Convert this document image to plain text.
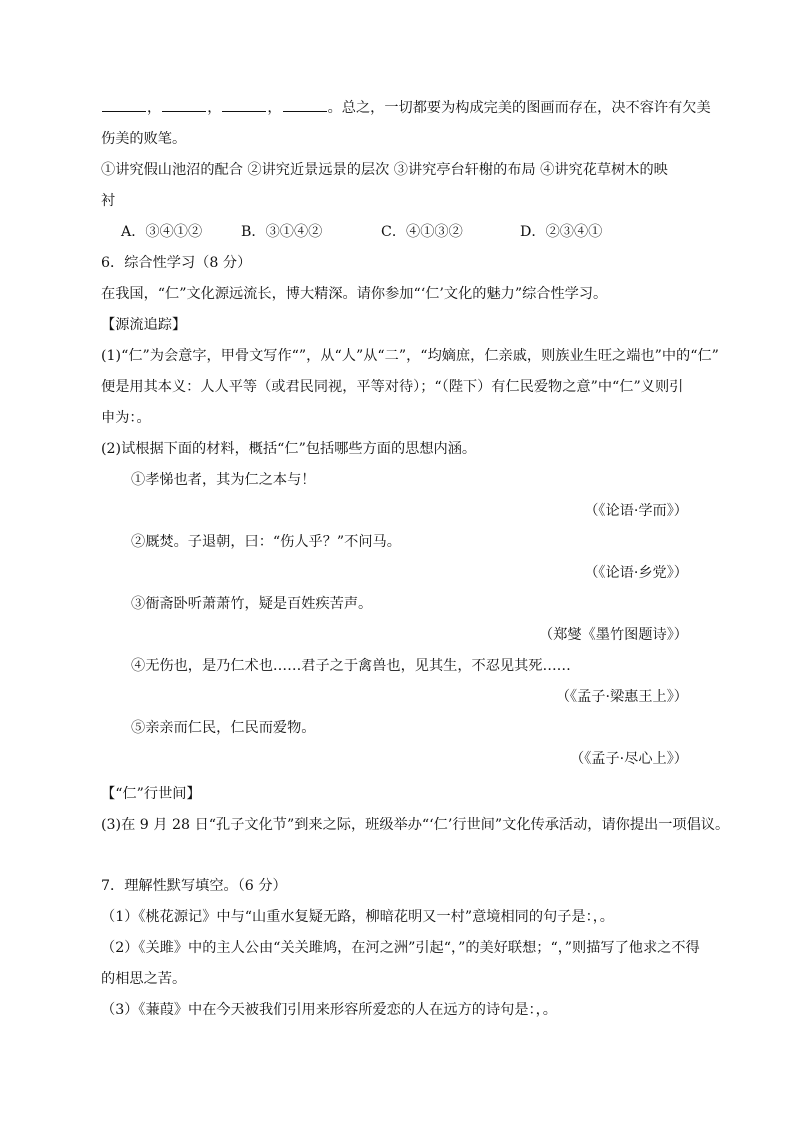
，	，	，	。总之，一切都要为构成完美的图画而存在，决不容许有欠美
伤美的败笔。
①讲究假山池沼的配合 ②讲究近景远景的层次 ③讲究亭台轩榭的布局 ④讲究花草树木的映
衬
A．③④①②	B．③①④②	C．④①③②	D．②③④①
6．综合性学习（8 分）
在我国，“仁”文化源远流长，博大精深。请你参加“‘仁’文化的魅力”综合性学习。
【源流追踪】
(1)“仁”为会意字，甲骨文写作“”，从“人”从“二”，“均嫡庶，仁亲戚，则族业生旺之端也”中的“仁”
便是用其本义：人人平等（或君民同视，平等对待）；“（陛下）有仁民爱物之意”中“仁”义则引
申为：。
(2)试根据下面的材料，概括“仁”包括哪些方面的思想内涵。
①孝悌也者，其为仁之本与！
（《论语·学而》）
②厩焚。子退朝，曰：“伤人乎？”不问马。
（《论语·乡党》）
③衙斋卧听萧萧竹，疑是百姓疾苦声。
（郑燮《墨竹图题诗》）
④无伤也，是乃仁术也……君子之于禽兽也，见其生，不忍见其死……
（《孟子·梁惠王上》）
⑤亲亲而仁民，仁民而爱物。
（《孟子·尽心上》）
【“仁”行世间】
(3)在 9 月 28 日“孔子文化节”到来之际，班级举办“‘仁’行世间”文化传承活动，请你提出一项倡议。
7．理解性默写填空。（6 分）
（1）《桃花源记》中与“山重水复疑无路，柳暗花明又一村”意境相同的句子是：，。
（2）《关雎》中的主人公由“关关雎鸠，在河之洲”引起“，”的美好联想；“，”则描写了他求之不得
的相思之苦。
（3）《蒹葭》中在今天被我们引用来形容所爱恋的人在远方的诗句是：，。
